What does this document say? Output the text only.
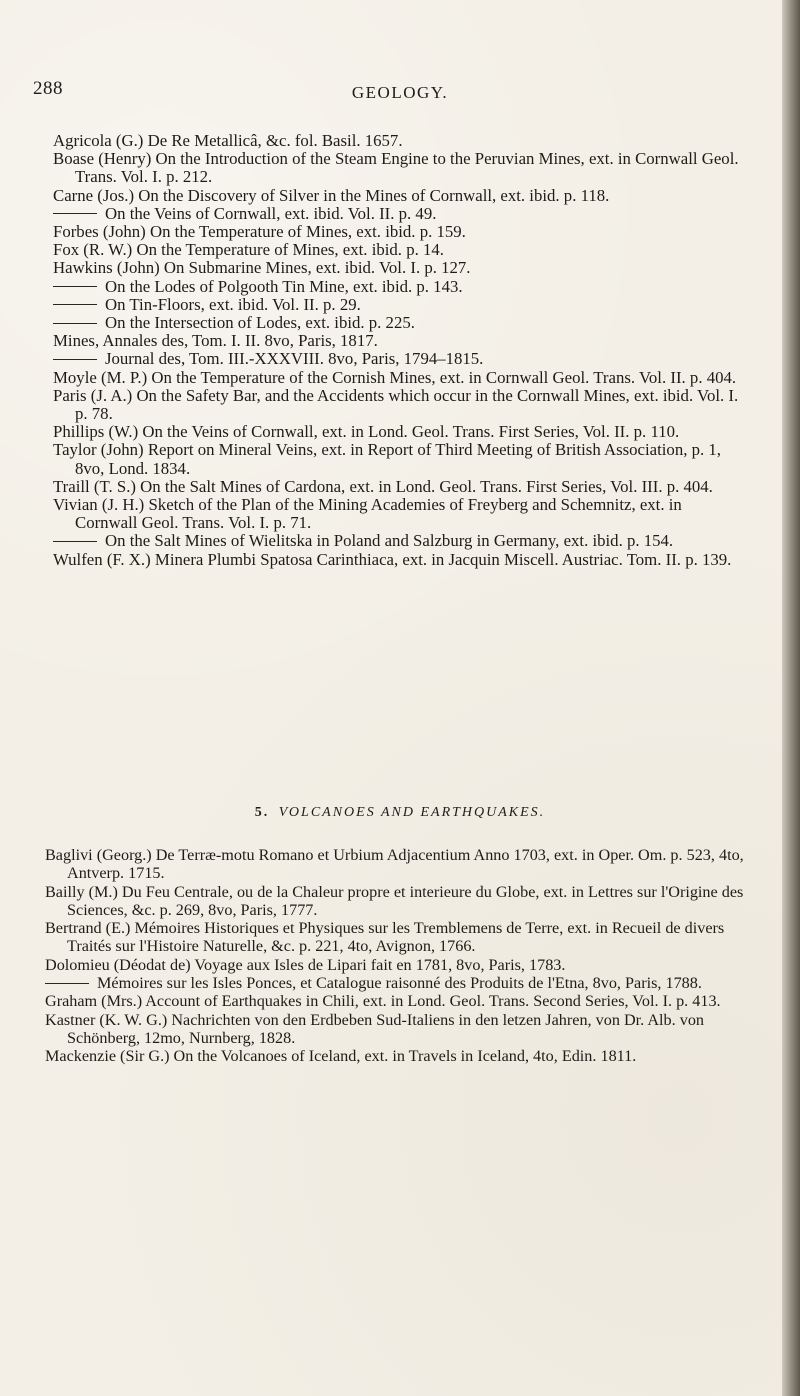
288	GEOLOGY.

Agricola (G.) De Re Metallicâ, &c. fol. Basil. 1657.

Boase (Henry) On the Introduction of the Steam Engine to the Peruvian Mines, ext. in Cornwall Geol. Trans. Vol. I. p. 212.

Carne (Jos.) On the Discovery of Silver in the Mines of Cornwall, ext. ibid. p. 118.

On the Veins of Cornwall, ext. ibid. Vol. II. p. 49.

Forbes (John) On the Temperature of Mines, ext. ibid. p. 159.

Fox (R. W.) On the Temperature of Mines, ext. ibid. p. 14.

Hawkins (John) On Submarine Mines, ext. ibid. Vol. I. p. 127.

On the Lodes of Polgooth Tin Mine, ext. ibid. p. 143.

On Tin-Floors, ext. ibid. Vol. II. p. 29.

On the Intersection of Lodes, ext. ibid. p. 225.

Mines, Annales des, Tom. I. II. 8vo, Paris, 1817.

Journal des, Tom. III.-XXXVIII. 8vo, Paris, 1794–1815.

Moyle (M. P.) On the Temperature of the Cornish Mines, ext. in Cornwall Geol. Trans. Vol. II. p. 404.

Paris (J. A.) On the Safety Bar, and the Accidents which occur in the Cornwall Mines, ext. ibid. Vol. I. p. 78.

Phillips (W.) On the Veins of Cornwall, ext. in Lond. Geol. Trans. First Series, Vol. II. p. 110.

Taylor (John) Report on Mineral Veins, ext. in Report of Third Meeting of British Association, p. 1, 8vo, Lond. 1834.

Traill (T. S.) On the Salt Mines of Cardona, ext. in Lond. Geol. Trans. First Series, Vol. III. p. 404.

Vivian (J. H.) Sketch of the Plan of the Mining Academies of Freyberg and Schemnitz, ext. in Cornwall Geol. Trans. Vol. I. p. 71.

On the Salt Mines of Wielitska in Poland and Salzburg in Germany, ext. ibid. p. 154.

Wulfen (F. X.) Minera Plumbi Spatosa Carinthiaca, ext. in Jacquin Miscell. Austriac. Tom. II. p. 139.

5. VOLCANOES AND EARTHQUAKES.

Baglivi (Georg.) De Terræ-motu Romano et Urbium Adjacentium Anno 1703, ext. in Oper. Om. p. 523, 4to, Antverp. 1715.

Bailly (M.) Du Feu Centrale, ou de la Chaleur propre et interieure du Globe, ext. in Lettres sur l'Origine des Sciences, &c. p. 269, 8vo, Paris, 1777.

Bertrand (E.) Mémoires Historiques et Physiques sur les Tremblemens de Terre, ext. in Recueil de divers Traités sur l'Histoire Naturelle, &c. p. 221, 4to, Avignon, 1766.

Dolomieu (Déodat de) Voyage aux Isles de Lipari fait en 1781, 8vo, Paris, 1783.

Mémoires sur les Isles Ponces, et Catalogue raisonné des Produits de l'Etna, 8vo, Paris, 1788.

Graham (Mrs.) Account of Earthquakes in Chili, ext. in Lond. Geol. Trans. Second Series, Vol. I. p. 413.

Kastner (K. W. G.) Nachrichten von den Erdbeben Sud-Italiens in den letzen Jahren, von Dr. Alb. von Schönberg, 12mo, Nurnberg, 1828.

Mackenzie (Sir G.) On the Volcanoes of Iceland, ext. in Travels in Iceland, 4to, Edin. 1811.
